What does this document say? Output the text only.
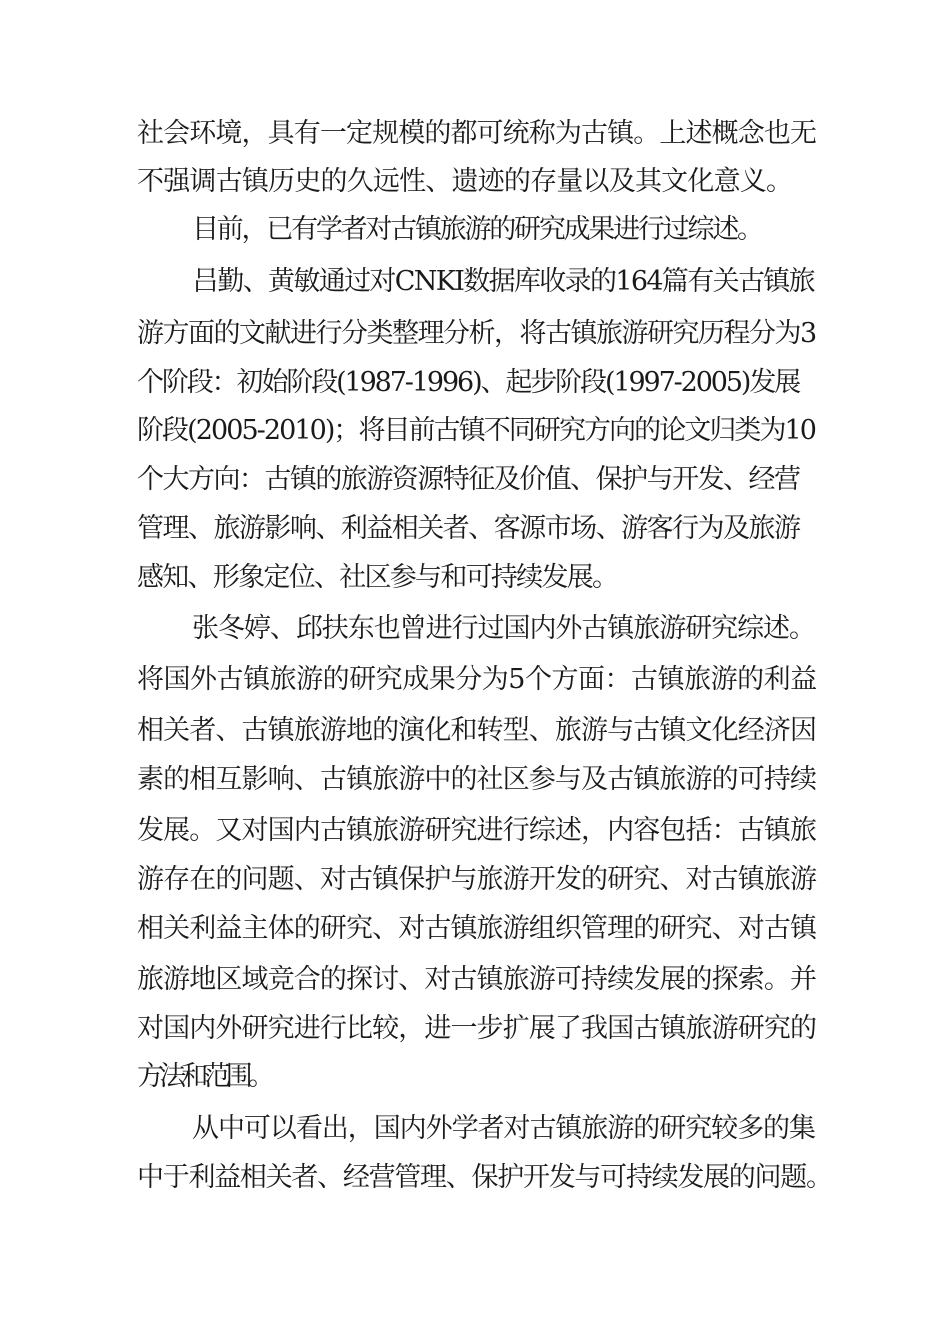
社会环境，具有一定规模的都可统称为古镇。上述概念也无
不强调古镇历史的久远性、遗迹的存量以及其文化意义。
目前，已有学者对古镇旅游的研究成果进行过综述。
吕勤、黄敏通过对CNKI数据库收录的164篇有关古镇旅
游方面的文献进行分类整理分析，将古镇旅游研究历程分为3
个阶段：初始阶段(1987-1996)、起步阶段(1997-2005)发展
阶段(2005-2010)；将目前古镇不同研究方向的论文归类为10
个大方向：古镇的旅游资源特征及价值、保护与开发、经营
管理、旅游影响、利益相关者、客源市场、游客行为及旅游
感知、形象定位、社区参与和可持续发展。
张冬婷、邱扶东也曾进行过国内外古镇旅游研究综述。
将国外古镇旅游的研究成果分为5个方面：古镇旅游的利益
相关者、古镇旅游地的演化和转型、旅游与古镇文化经济因
素的相互影响、古镇旅游中的社区参与及古镇旅游的可持续
发展。又对国内古镇旅游研究进行综述，内容包括：古镇旅
游存在的问题、对古镇保护与旅游开发的研究、对古镇旅游
相关利益主体的研究、对古镇旅游组织管理的研究、对古镇
旅游地区域竞合的探讨、对古镇旅游可持续发展的探索。并
对国内外研究进行比较，进一步扩展了我国古镇旅游研究的
方法和范围。
从中可以看出，国内外学者对古镇旅游的研究较多的集
中于利益相关者、经营管理、保护开发与可持续发展的问题。
